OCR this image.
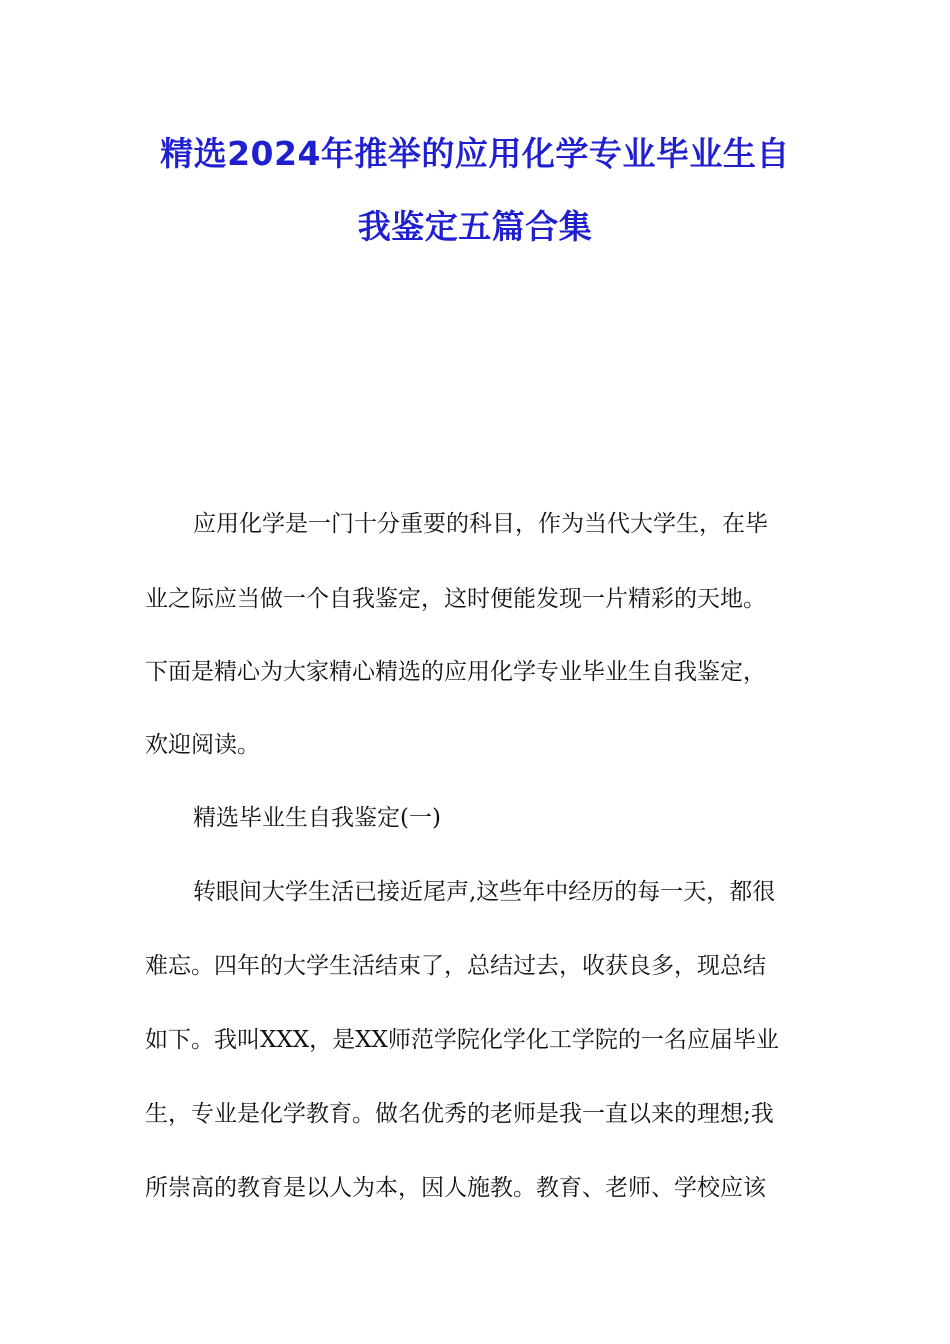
精选2024年推举的应用化学专业毕业生自
我鉴定五篇合集
应用化学是一门十分重要的科目，作为当代大学生，在毕
业之际应当做一个自我鉴定，这时便能发现一片精彩的天地。
下面是精心为大家精心精选的应用化学专业毕业生自我鉴定，
欢迎阅读。
精选毕业生自我鉴定(一)
转眼间大学生活已接近尾声,这些年中经历的每一天，都很
难忘。四年的大学生活结束了，总结过去，收获良多，现总结
如下。我叫XXX，是XX师范学院化学化工学院的一名应届毕业
生，专业是化学教育。做名优秀的老师是我一直以来的理想;我
所崇高的教育是以人为本，因人施教。教育、老师、学校应该
